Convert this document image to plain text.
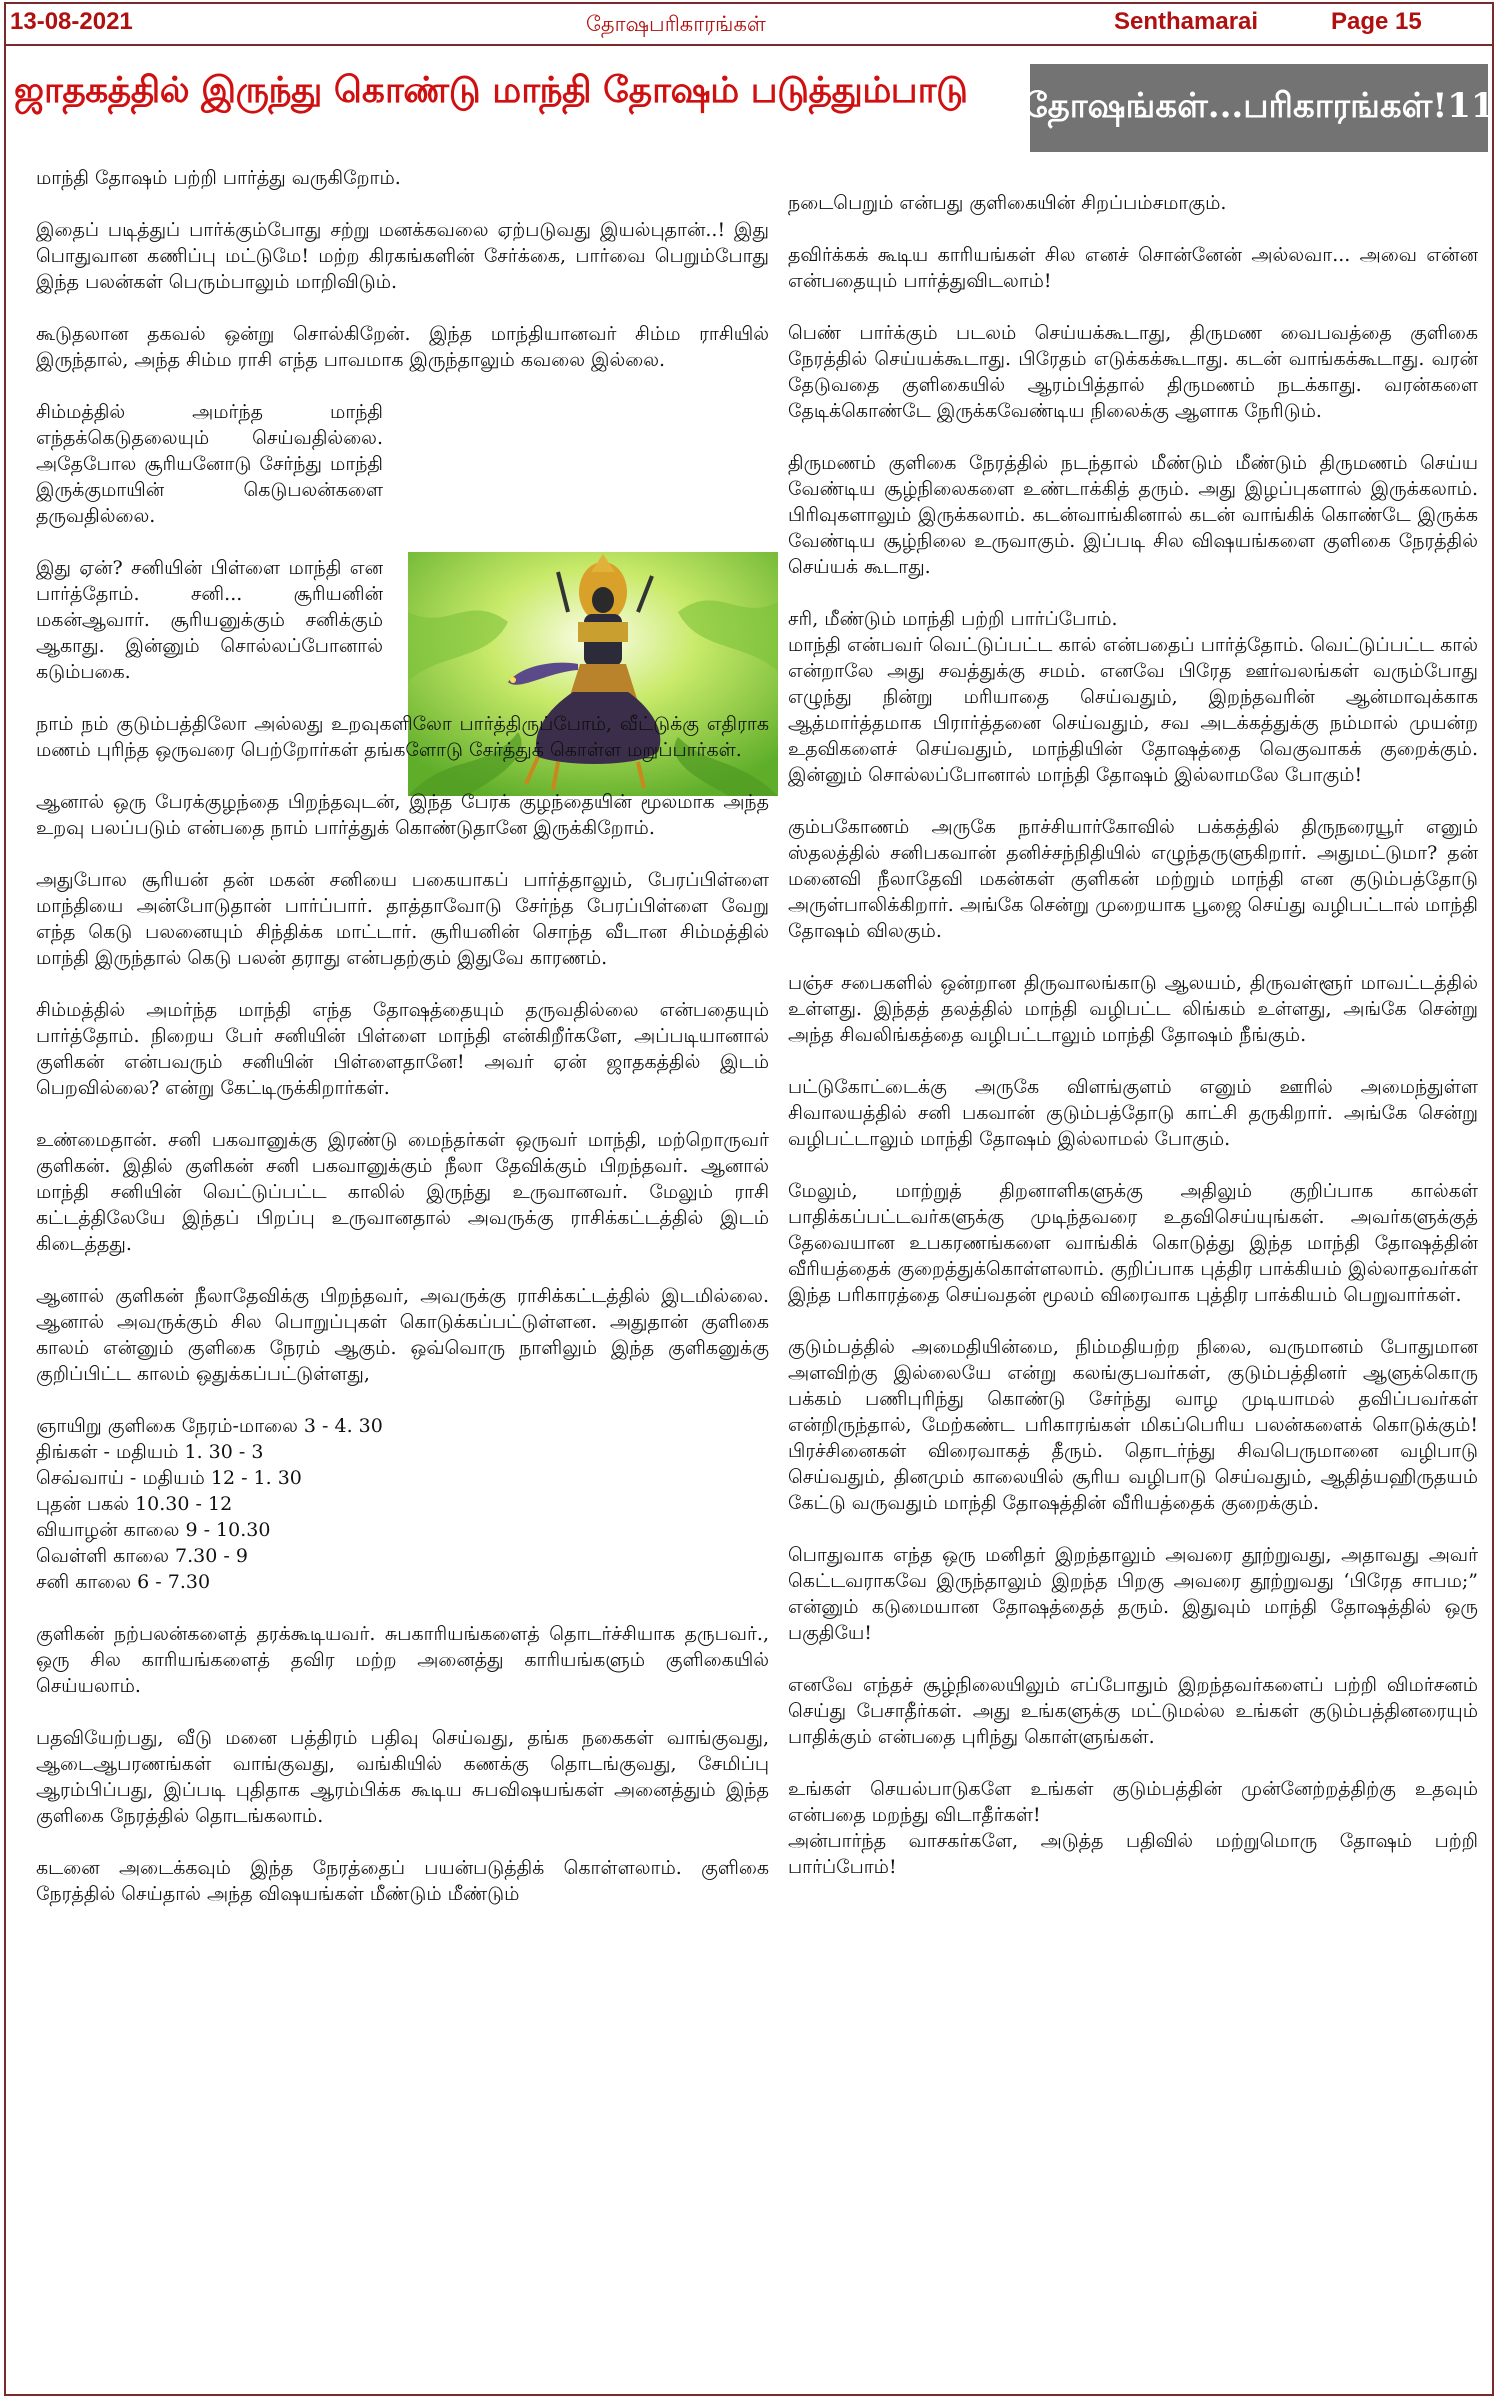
13-08-2021	தோஷபரிகாரங்கள்	Senthamarai	Page 15
ஜாதகத்தில் இருந்து கொண்டு மாந்தி தோஷம் படுத்தும்பாடு தோஷங்கள்...பரிகாரங்கள்!11

மாந்தி தோஷம் பற்றி பார்த்து வருகிறோம்.

இதைப் படித்துப் பார்க்கும்போது சற்று மனக்கவலை ஏற்படுவது இயல்புதான்..! இது பொதுவான கணிப்பு மட்டுமே! மற்ற கிரகங்களின் சேர்க்கை, பார்வை பெறும்போது இந்த பலன்கள் பெரும்பாலும் மாறிவிடும்.

கூடுதலான தகவல் ஒன்று சொல்கிறேன். இந்த மாந்தியானவர் சிம்ம ராசியில் இருந்தால், அந்த சிம்ம ராசி எந்த பாவமாக இருந்தாலும் கவலை இல்லை.

சிம்மத்தில் அமர்ந்த மாந்தி எந்தக்கெடுதலையும் செய்வதில்லை. அதேபோல சூரியனோடு சேர்ந்து மாந்தி இருக்குமாயின் கெடுபலன்களை தருவதில்லை.

இது ஏன்? சனியின் பிள்ளை மாந்தி என பார்த்தோம். சனி... சூரியனின் மகன்ஆவார். சூரியனுக்கும் சனிக்கும் ஆகாது. இன்னும் சொல்லப்போனால் கடும்பகை.

நாம் நம் குடும்பத்திலோ அல்லது உறவுகளிலோ பார்த்திருப்போம், வீட்டுக்கு எதிராக மணம் புரிந்த ஒருவரை பெற்றோர்கள் தங்களோடு சேர்த்துக் கொள்ள மறுப்பார்கள்.

ஆனால் ஒரு பேரக்குழந்தை பிறந்தவுடன், இந்த பேரக் குழந்தையின் மூலமாக அந்த உறவு பலப்படும் என்பதை நாம் பார்த்துக் கொண்டுதானே இருக்கிறோம்.

அதுபோல சூரியன் தன் மகன் சனியை பகையாகப் பார்த்தாலும், பேரப்பிள்ளை மாந்தியை அன்போடுதான் பார்ப்பார். தாத்தாவோடு சேர்ந்த பேரப்பிள்ளை வேறு எந்த கெடு பலனையும் சிந்திக்க மாட்டார். சூரியனின் சொந்த வீடான சிம்மத்தில் மாந்தி இருந்தால் கெடு பலன் தராது என்பதற்கும் இதுவே காரணம்.

சிம்மத்தில் அமர்ந்த மாந்தி எந்த தோஷத்தையும் தருவதில்லை என்பதையும் பார்த்தோம். நிறைய பேர் சனியின் பிள்ளை மாந்தி என்கிறீர்களே, அப்படியானால் குளிகன் என்பவரும் சனியின் பிள்ளைதானே! அவர் ஏன் ஜாதகத்தில் இடம் பெறவில்லை? என்று கேட்டிருக்கிறார்கள்.

உண்மைதான். சனி பகவானுக்கு இரண்டு மைந்தர்கள் ஒருவர் மாந்தி, மற்றொருவர் குளிகன். இதில் குளிகன் சனி பகவானுக்கும் நீலா தேவிக்கும் பிறந்தவர். ஆனால் மாந்தி சனியின் வெட்டுப்பட்ட காலில் இருந்து உருவானவர். மேலும் ராசி கட்டத்திலேயே இந்தப் பிறப்பு உருவானதால் அவருக்கு ராசிக்கட்டத்தில் இடம் கிடைத்தது.

ஆனால் குளிகன் நீலாதேவிக்கு பிறந்தவர், அவருக்கு ராசிக்கட்டத்தில் இடமில்லை. ஆனால் அவருக்கும் சில பொறுப்புகள் கொடுக்கப்பட்டுள்ளன. அதுதான் குளிகை காலம் என்னும் குளிகை நேரம் ஆகும். ஒவ்வொரு நாளிலும் இந்த குளிகனுக்கு குறிப்பிட்ட காலம் ஒதுக்கப்பட்டுள்ளது,

ஞாயிறு குளிகை நேரம்-மாலை 3 - 4. 30
திங்கள் - மதியம் 1. 30 - 3
செவ்வாய் - மதியம் 12 - 1. 30
புதன் பகல் 10.30 - 12
வியாழன் காலை 9 - 10.30
வெள்ளி காலை 7.30 - 9
சனி காலை 6 - 7.30

குளிகன் நற்பலன்களைத் தரக்கூடியவர். சுபகாரியங்களைத் தொடர்ச்சியாக தருபவர்., ஒரு சில காரியங்களைத் தவிர மற்ற அனைத்து காரியங்களும் குளிகையில் செய்யலாம்.

பதவியேற்பது, வீடு மனை பத்திரம் பதிவு செய்வது, தங்க நகைகள் வாங்குவது, ஆடைஆபரணங்கள் வாங்குவது, வங்கியில் கணக்கு தொடங்குவது, சேமிப்பு ஆரம்பிப்பது, இப்படி புதிதாக ஆரம்பிக்க கூடிய சுபவிஷயங்கள் அனைத்தும் இந்த குளிகை நேரத்தில் தொடங்கலாம்.

கடனை அடைக்கவும் இந்த நேரத்தைப் பயன்படுத்திக் கொள்ளலாம். குளிகை நேரத்தில் செய்தால் அந்த விஷயங்கள் மீண்டும் மீண்டும்

நடைபெறும் என்பது குளிகையின் சிறப்பம்சமாகும்.

தவிர்க்கக் கூடிய காரியங்கள் சில எனச் சொன்னேன் அல்லவா... அவை என்ன என்பதையும் பார்த்துவிடலாம்!

பெண் பார்க்கும் படலம் செய்யக்கூடாது, திருமண வைபவத்தை குளிகை நேரத்தில் செய்யக்கூடாது. பிரேதம் எடுக்கக்கூடாது. கடன் வாங்கக்கூடாது. வரன் தேடுவதை குளிகையில் ஆரம்பித்தால் திருமணம் நடக்காது. வரன்களை தேடிக்கொண்டே இருக்கவேண்டிய நிலைக்கு ஆளாக நேரிடும்.

திருமணம் குளிகை நேரத்தில் நடந்தால் மீண்டும் மீண்டும் திருமணம் செய்ய வேண்டிய சூழ்நிலைகளை உண்டாக்கித் தரும். அது இழப்புகளால் இருக்கலாம். பிரிவுகளாலும் இருக்கலாம். கடன்வாங்கினால் கடன் வாங்கிக் கொண்டே இருக்க வேண்டிய சூழ்நிலை உருவாகும். இப்படி சில விஷயங்களை குளிகை நேரத்தில் செய்யக் கூடாது.

சரி, மீண்டும் மாந்தி பற்றி பார்ப்போம்.

மாந்தி என்பவர் வெட்டுப்பட்ட கால் என்பதைப் பார்த்தோம். வெட்டுப்பட்ட கால் என்றாலே அது சவத்துக்கு சமம். எனவே பிரேத ஊர்வலங்கள் வரும்போது எழுந்து நின்று மரியாதை செய்வதும், இறந்தவரின் ஆன்மாவுக்காக ஆத்மார்த்தமாக பிரார்த்தனை செய்வதும், சவ அடக்கத்துக்கு நம்மால் முயன்ற உதவிகளைச் செய்வதும், மாந்தியின் தோஷத்தை வெகுவாகக் குறைக்கும். இன்னும் சொல்லப்போனால் மாந்தி தோஷம் இல்லாமலே போகும்!

கும்பகோணம் அருகே நாச்சியார்கோவில் பக்கத்தில் திருநரையூர் எனும் ஸ்தலத்தில் சனிபகவான் தனிச்சந்நிதியில் எழுந்தருளுகிறார். அதுமட்டுமா? தன் மனைவி நீலாதேவி மகன்கள் குளிகன் மற்றும் மாந்தி என குடும்பத்தோடு அருள்பாலிக்கிறார். அங்கே சென்று முறையாக பூஜை செய்து வழிபட்டால் மாந்தி தோஷம் விலகும்.

பஞ்ச சபைகளில் ஒன்றான திருவாலங்காடு ஆலயம், திருவள்ளூர் மாவட்டத்தில் உள்ளது. இந்தத் தலத்தில் மாந்தி வழிபட்ட லிங்கம் உள்ளது, அங்கே சென்று அந்த சிவலிங்கத்தை வழிபட்டாலும் மாந்தி தோஷம் நீங்கும்.

பட்டுகோட்டைக்கு அருகே விளங்குளம் எனும் ஊரில் அமைந்துள்ள சிவாலயத்தில் சனி பகவான் குடும்பத்தோடு காட்சி தருகிறார். அங்கே சென்று வழிபட்டாலும் மாந்தி தோஷம் இல்லாமல் போகும்.

மேலும், மாற்றுத் திறனாளிகளுக்கு அதிலும் குறிப்பாக கால்கள் பாதிக்கப்பட்டவர்களுக்கு முடிந்தவரை உதவிசெய்யுங்கள். அவர்களுக்குத் தேவையான உபகரணங்களை வாங்கிக் கொடுத்து இந்த மாந்தி தோஷத்தின் வீரியத்தைக் குறைத்துக்கொள்ளலாம். குறிப்பாக புத்திர பாக்கியம் இல்லாதவர்கள் இந்த பரிகாரத்தை செய்வதன் மூலம் விரைவாக புத்திர பாக்கியம் பெறுவார்கள்.

குடும்பத்தில் அமைதியின்மை, நிம்மதியற்ற நிலை, வருமானம் போதுமான அளவிற்கு இல்லையே என்று கலங்குபவர்கள், குடும்பத்தினர் ஆளுக்கொரு பக்கம் பணிபுரிந்து கொண்டு சேர்ந்து வாழ முடியாமல் தவிப்பவர்கள் என்றிருந்தால், மேற்கண்ட பரிகாரங்கள் மிகப்பெரிய பலன்களைக் கொடுக்கும்! பிரச்சினைகள் விரைவாகத் தீரும். தொடர்ந்து சிவபெருமானை வழிபாடு செய்வதும், தினமும் காலையில் சூரிய வழிபாடு செய்வதும், ஆதித்யஹிருதயம் கேட்டு வருவதும் மாந்தி தோஷத்தின் வீரியத்தைக் குறைக்கும்.

பொதுவாக எந்த ஒரு மனிதர் இறந்தாலும் அவரை தூற்றுவது, அதாவது அவர் கெட்டவராகவே இருந்தாலும் இறந்த பிறகு அவரை தூற்றுவது ‘பிரேத சாபம;” என்னும் கடுமையான தோஷத்தைத் தரும். இதுவும் மாந்தி தோஷத்தில் ஒரு பகுதியே!

எனவே எந்தச் சூழ்நிலையிலும் எப்போதும் இறந்தவர்களைப் பற்றி விமர்சனம் செய்து பேசாதீர்கள். அது உங்களுக்கு மட்டுமல்ல உங்கள் குடும்பத்தினரையும் பாதிக்கும் என்பதை புரிந்து கொள்ளுங்கள்.

உங்கள் செயல்பாடுகளே உங்கள் குடும்பத்தின் முன்னேற்றத்திற்கு உதவும் என்பதை மறந்து விடாதீர்கள்!

அன்பார்ந்த வாசகர்களே, அடுத்த பதிவில் மற்றுமொரு தோஷம் பற்றி பார்ப்போம்!
